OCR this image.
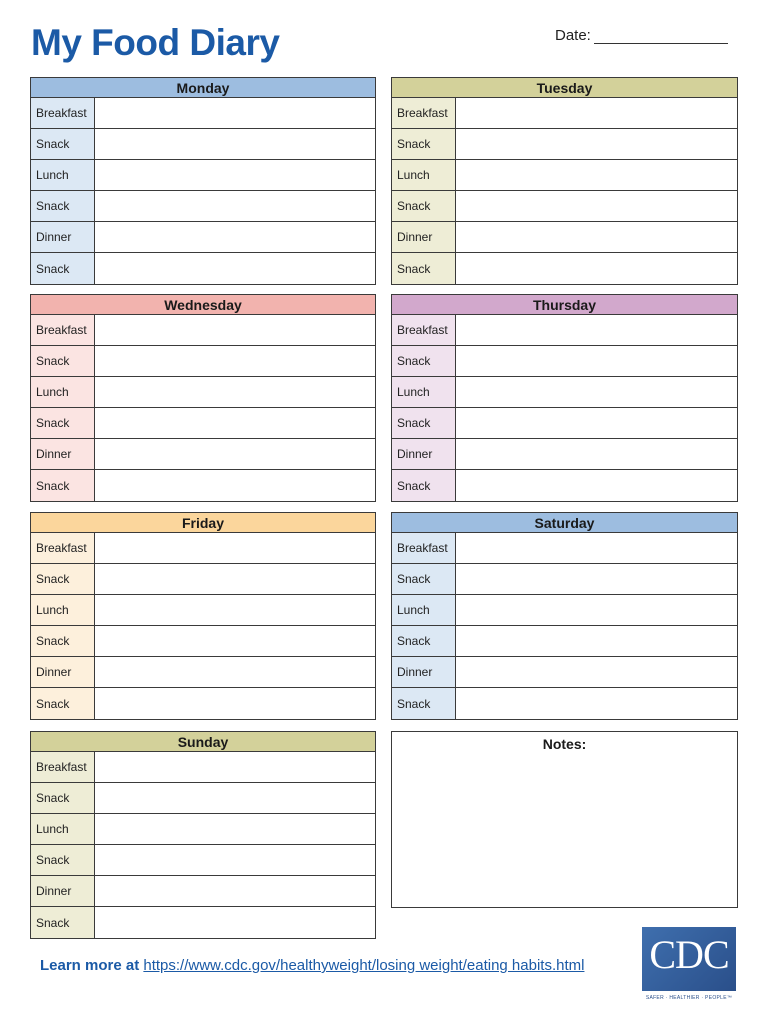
My Food Diary	Date:
Monday
Breakfast
Snack
Lunch
Snack
Dinner
Snack
Tuesday
Breakfast
Snack
Lunch
Snack
Dinner
Snack
Wednesday
Breakfast
Snack
Lunch
Snack
Dinner
Snack
Thursday
Breakfast
Snack
Lunch
Snack
Dinner
Snack
Friday
Breakfast
Snack
Lunch
Snack
Dinner
Snack
Saturday
Breakfast
Snack
Lunch
Snack
Dinner
Snack
Sunday
Breakfast
Snack
Lunch
Snack
Dinner
Snack
Notes:
Learn more at https://www.cdc.gov/healthyweight/losing weight/eating habits.html CDC
SAFER · HEALTHIER · PEOPLE™
